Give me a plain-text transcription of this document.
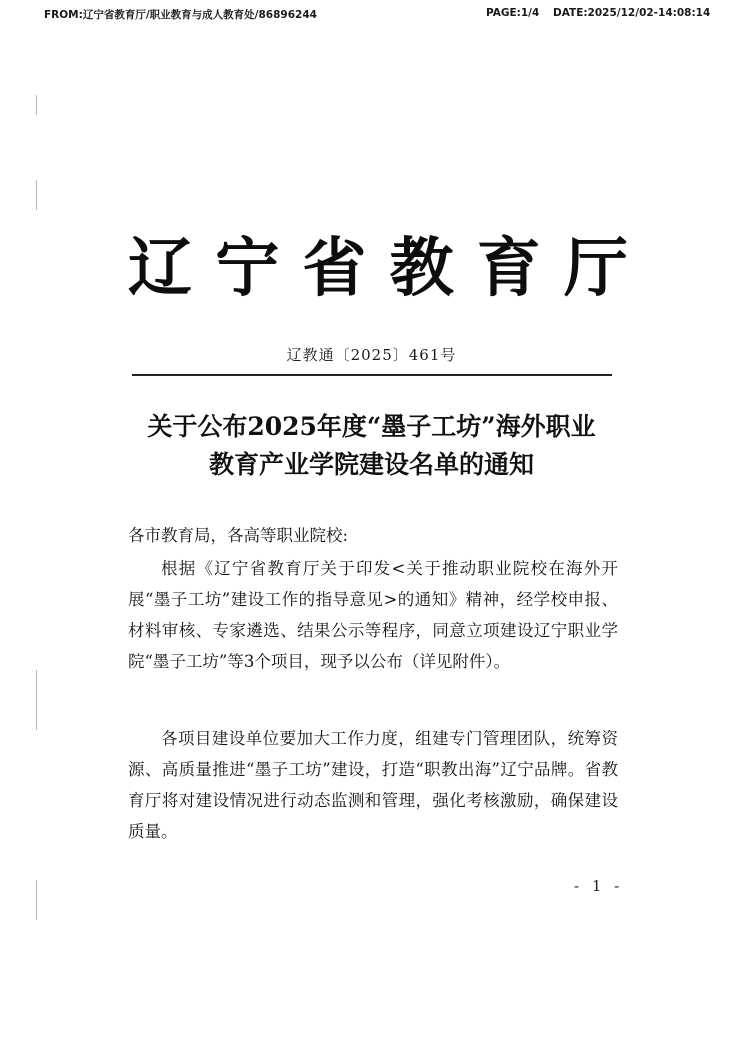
FROM:辽宁省教育厅/职业教育与成人教育处/86896244	PAGE:1/4 DATE:2025/12/02-14:08:14
辽 宁 省 教 育 厅
辽教通〔2025〕461号
关于公布2025年度“墨子工坊”海外职业
教育产业学院建设名单的通知
各市教育局，各高等职业院校:

根据《辽宁省教育厅关于印发<关于推动职业院校在海外开展“墨子工坊”建设工作的指导意见>的通知》精神，经学校申报、材料审核、专家遴选、结果公示等程序，同意立项建设辽宁职业学院“墨子工坊”等3个项目，现予以公布（详见附件）。

各项目建设单位要加大工作力度，组建专门管理团队，统筹资源、高质量推进“墨子工坊”建设，打造“职教出海”辽宁品牌。省教育厅将对建设情况进行动态监测和管理，强化考核激励，确保建设质量。

- 1 -
